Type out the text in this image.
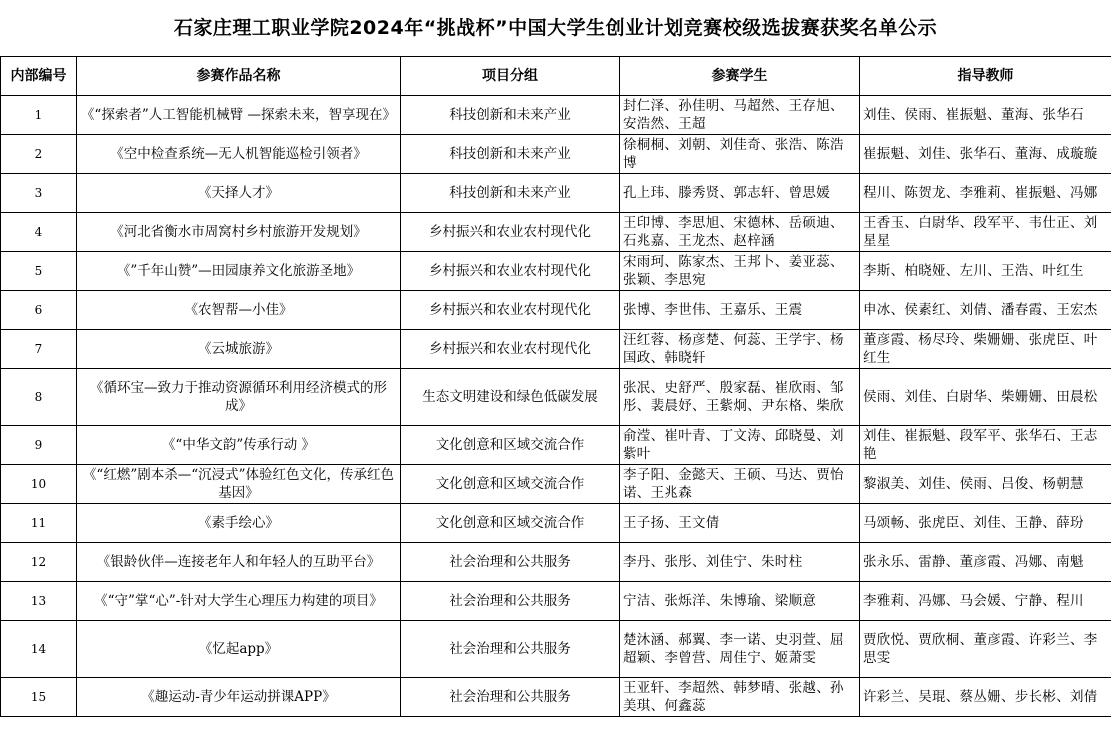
石家庄理工职业学院2024年“挑战杯”中国大学生创业计划竞赛校级选拔赛获奖名单公示
内部编号	参赛作品名称	项目分组	参赛学生	指导教师
1	《“探索者”人工智能机械臂 —探索未来，智享现在》	科技创新和未来产业	封仁泽、孙佳明、马超然、王存旭、安浩然、王超	刘佳、侯雨、崔振魁、董海、张华石
2	《空中检查系统—无人机智能巡检引领者》	科技创新和未来产业	徐桐桐、刘朝、刘佳奇、张浩、陈浩博	崔振魁、刘佳、张华石、董海、成璇璇
3	《天择人才》	科技创新和未来产业	孔上玮、滕秀贤、郭志轩、曾思媛	程川、陈贺龙、李雅莉、崔振魁、冯娜
4	《河北省衡水市周窝村乡村旅游开发规划》	乡村振兴和农业农村现代化	王印博、李思旭、宋德林、岳硕迪、石兆嘉、王龙杰、赵梓涵	王香玉、白尉华、段军平、韦仕正、刘星星
5	《”千年山赞”—田园康养文化旅游圣地》	乡村振兴和农业农村现代化	宋雨珂、陈家杰、王邦卜、姜亚蕊、张颖、李思宛	李斯、柏晓娅、左川、王浩、叶红生
6	《农智帮—小佳》	乡村振兴和农业农村现代化	张博、李世伟、王嘉乐、王震	申冰、侯素红、刘倩、潘春霞、王宏杰
7	《云城旅游》	乡村振兴和农业农村现代化	汪红蓉、杨彦楚、何蕊、王学宇、杨国政、韩晓轩	董彦霞、杨尽玲、柴姗姗、张虎臣、叶红生
8	《循环宝—致力于推动资源循环利用经济模式的形成》	生态文明建设和绿色低碳发展	张冺、史舒严、殷家磊、崔欣雨、邹彤、裴晨妤、王紫炯、尹东格、柴欣	侯雨、刘佳、白尉华、柴姗姗、田晨松
9	《“中华文韵”传承行动 》	文化创意和区域交流合作	俞滢、崔叶青、丁文涛、邱晓曼、刘紫叶	刘佳、崔振魁、段军平、张华石、王志艳
10	《“红燃”剧本杀—“沉浸式”体验红色文化，传承红色基因》	文化创意和区域交流合作	李子阳、金懿天、王硕、马达、贾怡诺、王兆森	黎淑美、刘佳、侯雨、吕俊、杨朝慧
11	《素手绘心》	文化创意和区域交流合作	王子扬、王文倩	马颂畅、张虎臣、刘佳、王静、薛玢
12	《银龄伙伴—连接老年人和年轻人的互助平台》	社会治理和公共服务	李丹、张彤、刘佳宁、朱时柱	张永乐、雷静、董彦霞、冯娜、南魁
13	《“守”掌“心”-针对大学生心理压力构建的项目》	社会治理和公共服务	宁洁、张烁洋、朱博瑜、梁顺意	李雅莉、冯娜、马会媛、宁静、程川
14	《忆起app》	社会治理和公共服务	楚沐涵、郝翼、李一诺、史羽萱、屈超颖、李曾营、周佳宁、姬萧雯	贾欣悦、贾欣桐、董彦霞、许彩兰、李思雯
15	《趣运动-青少年运动拼课APP》	社会治理和公共服务	王亚轩、李超然、韩梦晴、张越、孙美琪、何鑫蕊	许彩兰、吴琨、蔡丛姗、步长彬、刘倩
